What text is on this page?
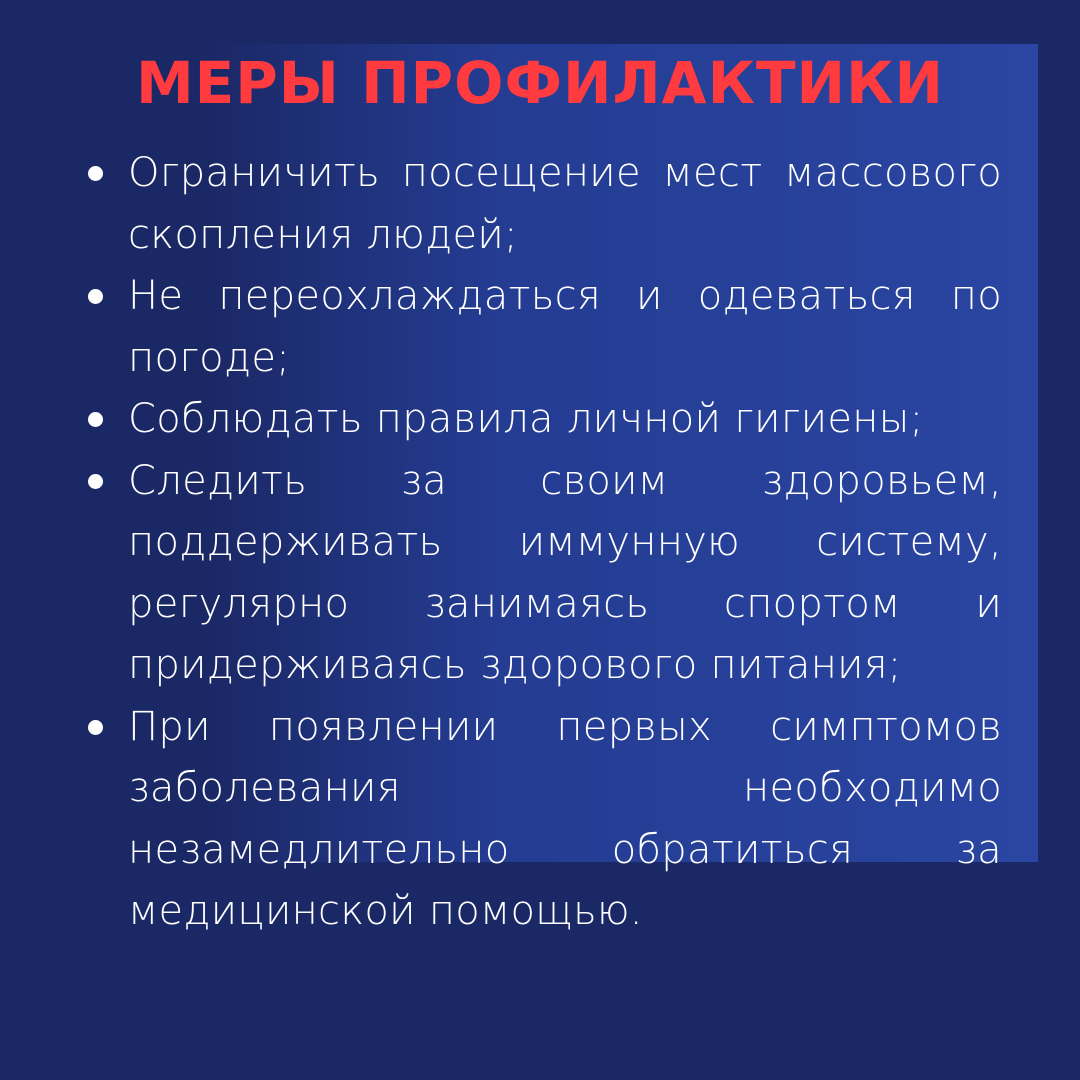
МЕРЫ ПРОФИЛАКТИКИ
Ограничить посещение мест массового скопления людей;
Не переохлаждаться и одеваться по погоде;
Соблюдать правила личной гигиены;
Следить за своим здоровьем, поддерживать иммунную систему, регулярно занимаясь спортом и придерживаясь здорового питания;
При появлении первых симптомов заболевания необходимо незамедлительно обратиться за медицинской помощью.
